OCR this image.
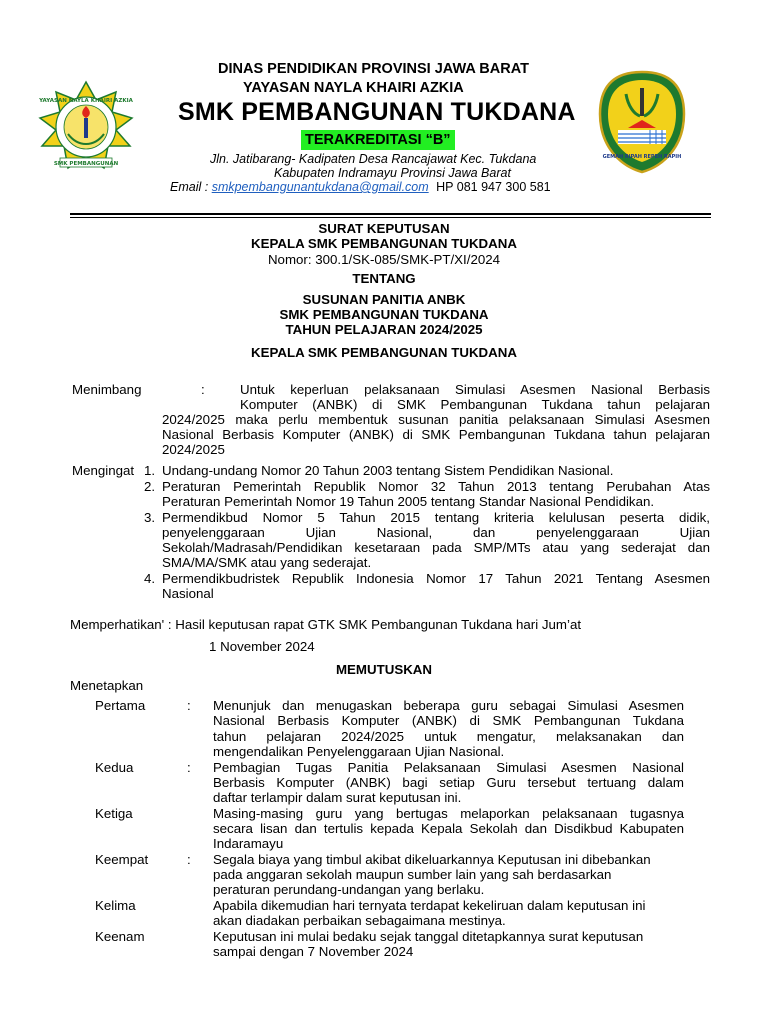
YAYASAN NAYLA KHAIRI AZKIA
SMK PEMBANGUNAN
GEMAH RIPAH REPEH RAPIH
DINAS PENDIDIKAN PROVINSI JAWA BARAT
YAYASAN NAYLA KHAIRI AZKIA
SMK PEMBANGUNAN TUKDANA
TERAKREDITASI “B”
Jln. Jatibarang- Kadipaten Desa Rancajawat Kec. Tukdana
Kabupaten Indramayu Provinsi Jawa Barat
Email : smkpembangunantukdana@gmail.com HP 081 947 300 581
SURAT KEPUTUSAN
KEPALA SMK PEMBANGUNAN TUKDANA
Nomor: 300.1/SK-085/SMK-PT/XI/2024
TENTANG
SUSUNAN PANITIA ANBK
SMK PEMBANGUNAN TUKDANA
TAHUN PELAJARAN 2024/2025
KEPALA SMK PEMBANGUNAN TUKDANA
Menimbang	:	Untuk keperluan pelaksanaan Simulasi Asesmen Nasional Berbasis
Komputer (ANBK) di SMK Pembangunan Tukdana tahun pelajaran
2024/2025 maka perlu membentuk susunan panitia pelaksanaan Simulasi Asesmen
Nasional Berbasis Komputer (ANBK) di SMK Pembangunan Tukdana tahun pelajaran
2024/2025
Mengingat 1. Undang-undang Nomor 20 Tahun 2003 tentang Sistem Pendidikan Nasional.
2. Peraturan Pemerintah Republik Nomor 32 Tahun 2013 tentang Perubahan Atas
Peraturan Pemerintah Nomor 19 Tahun 2005 tentang Standar Nasional Pendidikan.
3. Permendikbud Nomor 5 Tahun 2015 tentang kriteria kelulusan peserta didik,
penyelenggaraan Ujian Nasional, dan penyelenggaraan Ujian
Sekolah/Madrasah/Pendidikan kesetaraan pada SMP/MTs atau yang sederajat dan
SMA/MA/SMK atau yang sederajat.
4. Permendikbudristek Republik Indonesia Nomor 17 Tahun 2021 Tentang Asesmen
Nasional
Memperhatikan' : Hasil keputusan rapat GTK SMK Pembangunan Tukdana hari Jum’at
1 November 2024
MEMUTUSKAN
Menetapkan
Pertama	: Menunjuk dan menugaskan beberapa guru sebagai Simulasi Asesmen
Nasional Berbasis Komputer (ANBK) di SMK Pembangunan Tukdana
tahun pelajaran 2024/2025 untuk mengatur, melaksanakan dan
mengendalikan Penyelenggaraan Ujian Nasional.
Kedua	: Pembagian Tugas Panitia Pelaksanaan Simulasi Asesmen Nasional
Berbasis Komputer (ANBK) bagi setiap Guru tersebut tertuang dalam
daftar terlampir dalam surat keputusan ini.
Ketiga	Masing-masing guru yang bertugas melaporkan pelaksanaan tugasnya
secara lisan dan tertulis kepada Kepala Sekolah dan Disdikbud Kabupaten
Indaramayu
Keempat	: Segala biaya yang timbul akibat dikeluarkannya Keputusan ini dibebankan
pada anggaran sekolah maupun sumber lain yang sah berdasarkan
peraturan perundang-undangan yang berlaku.
Kelima	Apabila dikemudian hari ternyata terdapat kekeliruan dalam keputusan ini
akan diadakan perbaikan sebagaimana mestinya.
Keenam	Keputusan ini mulai bedaku sejak tanggal ditetapkannya surat keputusan
sampai dengan 7 November 2024
